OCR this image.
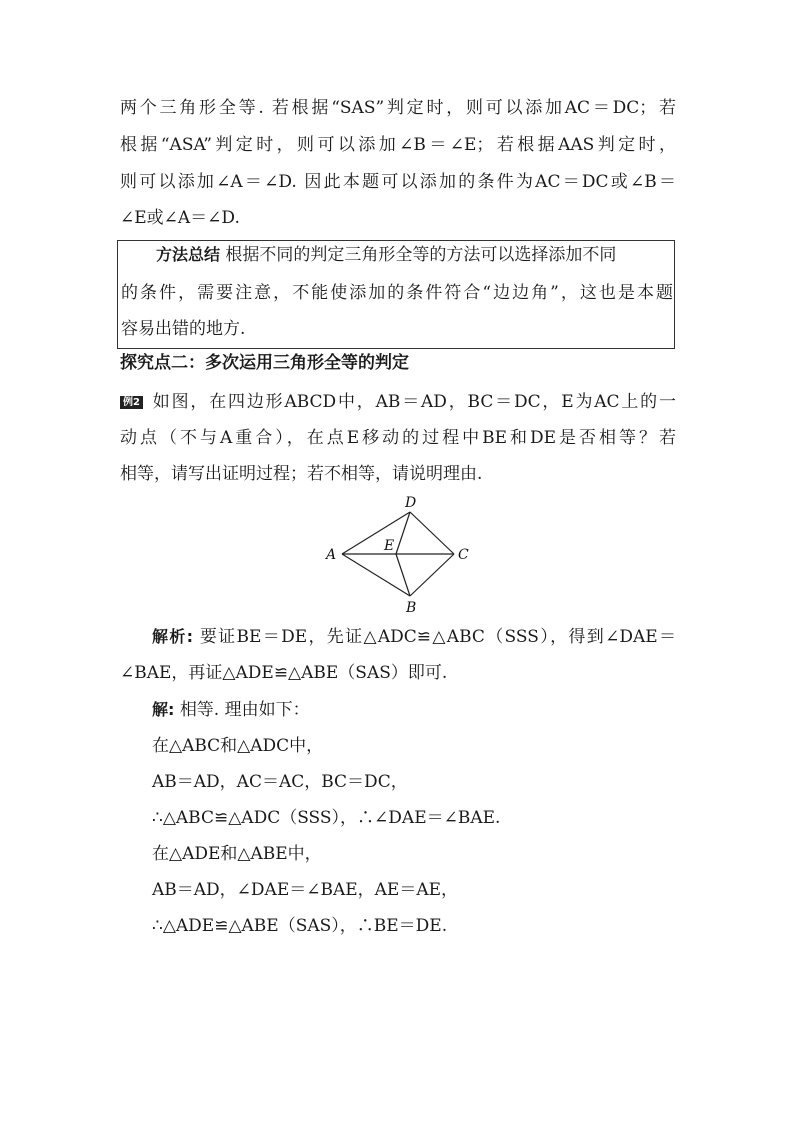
两个三角形全等. 若根据“SAS”判定时，则可以添加AC＝DC；若
根据“ASA”判定时，则可以添加∠B＝∠E；若根据AAS判定时，
则可以添加∠A＝∠D. 因此本题可以添加的条件为AC＝DC或∠B＝
∠E或∠A＝∠D.
方法总结 根据不同的判定三角形全等的方法可以选择添加不同
的条件，需要注意，不能使添加的条件符合“边边角”，这也是本题
容易出错的地方.
探究点二：多次运用三角形全等的判定
例2 如图，在四边形ABCD中，AB＝AD，BC＝DC，E为AC上的一
动点（不与A重合），在点E移动的过程中BE和DE是否相等？若
相等，请写出证明过程；若不相等，请说明理由.
D
A
E
C
B
解析: 要证BE＝DE，先证△ADC≌△ABC（SSS），得到∠DAE＝
∠BAE，再证△ADE≌△ABE（SAS）即可.
解: 相等. 理由如下：
在△ABC和△ADC中，
AB＝AD，AC＝AC，BC＝DC，
∴△ABC≌△ADC（SSS），∴∠DAE＝∠BAE.
在△ADE和△ABE中，
AB＝AD，∠DAE＝∠BAE，AE＝AE，
∴△ADE≌△ABE（SAS），∴BE＝DE.
